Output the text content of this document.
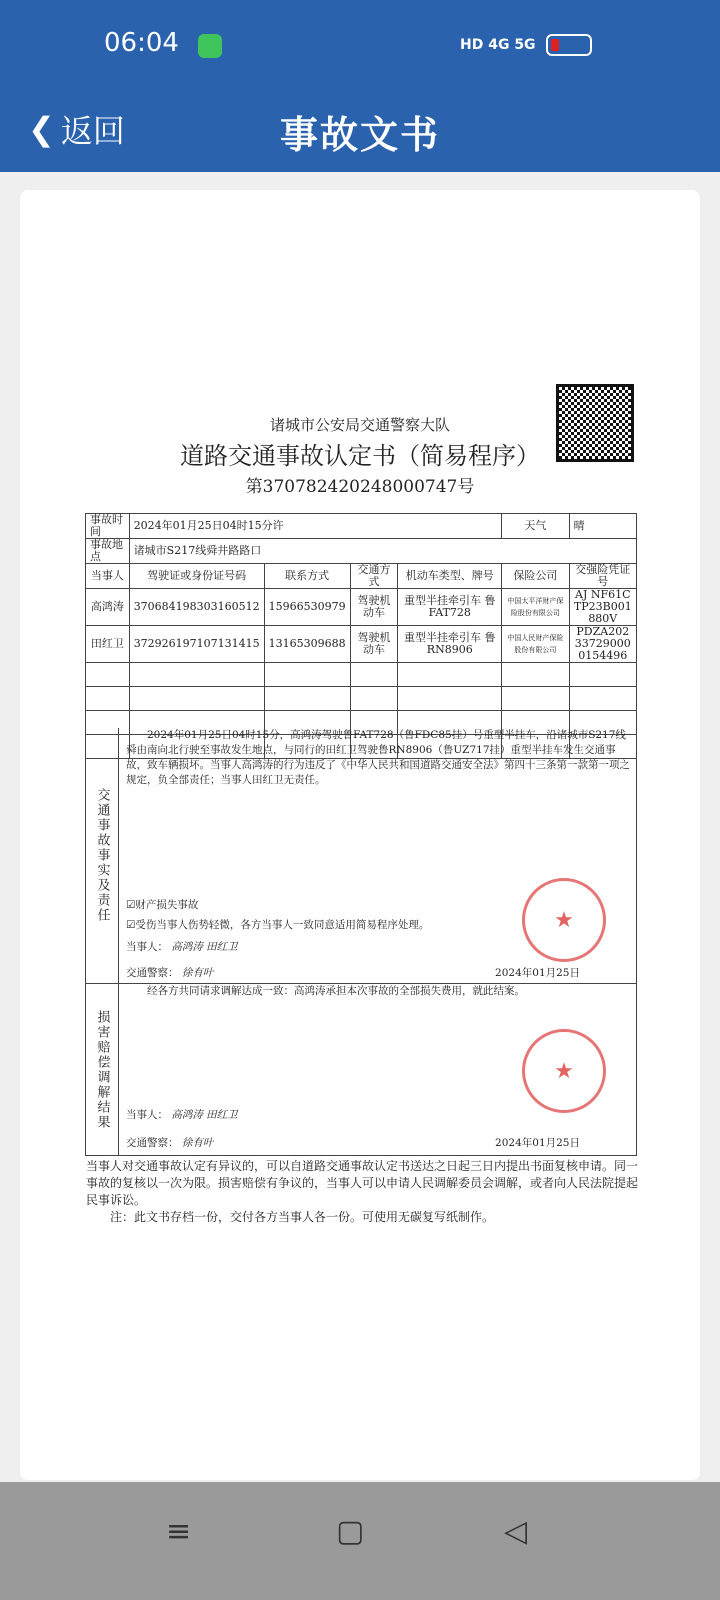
06:04	HD 4G 5G
❮ 返回	事故文书
诸城市公安局交通警察大队
道路交通事故认定书（简易程序）
第370782420248000747号
事故时间	2024年01月25日04时15分许				天气	晴
事故地点	诸城市S217线舜井路路口					
当事人	驾驶证或身份证号码	联系方式	交通方式	机动车类型、牌号	保险公司	交强险凭证号
高鸿涛	370684198303160512	15966530979	驾驶机动车	重型半挂牵引车 鲁FAT728	中国太平洋财产保险股份有限公司	AJ NF61CTP23B001880V
田红卫	372926197107131415	13165309688	驾驶机动车	重型半挂牵引车 鲁RN8906	中国人民财产保险股份有限公司	PDZA202337290000154496

交通事故事实及责任
2024年01月25日04时15分，高鸿涛驾驶鲁FAT728（鲁FDC85挂）号重型半挂车，沿诸城市S217线舜由南向北行驶至事故发生地点，与同行的田红卫驾驶鲁RN8906（鲁UZ717挂）重型半挂车发生交通事故，致车辆损坏。当事人高鸿涛的行为违反了《中华人民共和国道路交通安全法》第四十三条第一款第一项之规定，负全部责任；当事人田红卫无责任。
☑财产损失事故
☑受伤当事人伤势轻微，各方当事人一致同意适用简易程序处理。
当事人： 高鸿涛 田红卫
交通警察： 徐有叶	2024年01月25日
★
损害赔偿调解结果
经各方共同请求调解达成一致：高鸿涛承担本次事故的全部损失费用，就此结案。
当事人： 高鸿涛 田红卫
交通警察： 徐有叶	2024年01月25日
★
当事人对交通事故认定有异议的，可以自道路交通事故认定书送达之日起三日内提出书面复核申请。同一事故的复核以一次为限。损害赔偿有争议的，当事人可以申请人民调解委员会调解，或者向人民法院提起民事诉讼。
注：此文书存档一份，交付各方当事人各一份。可使用无碳复写纸制作。
≡	▢	◁
